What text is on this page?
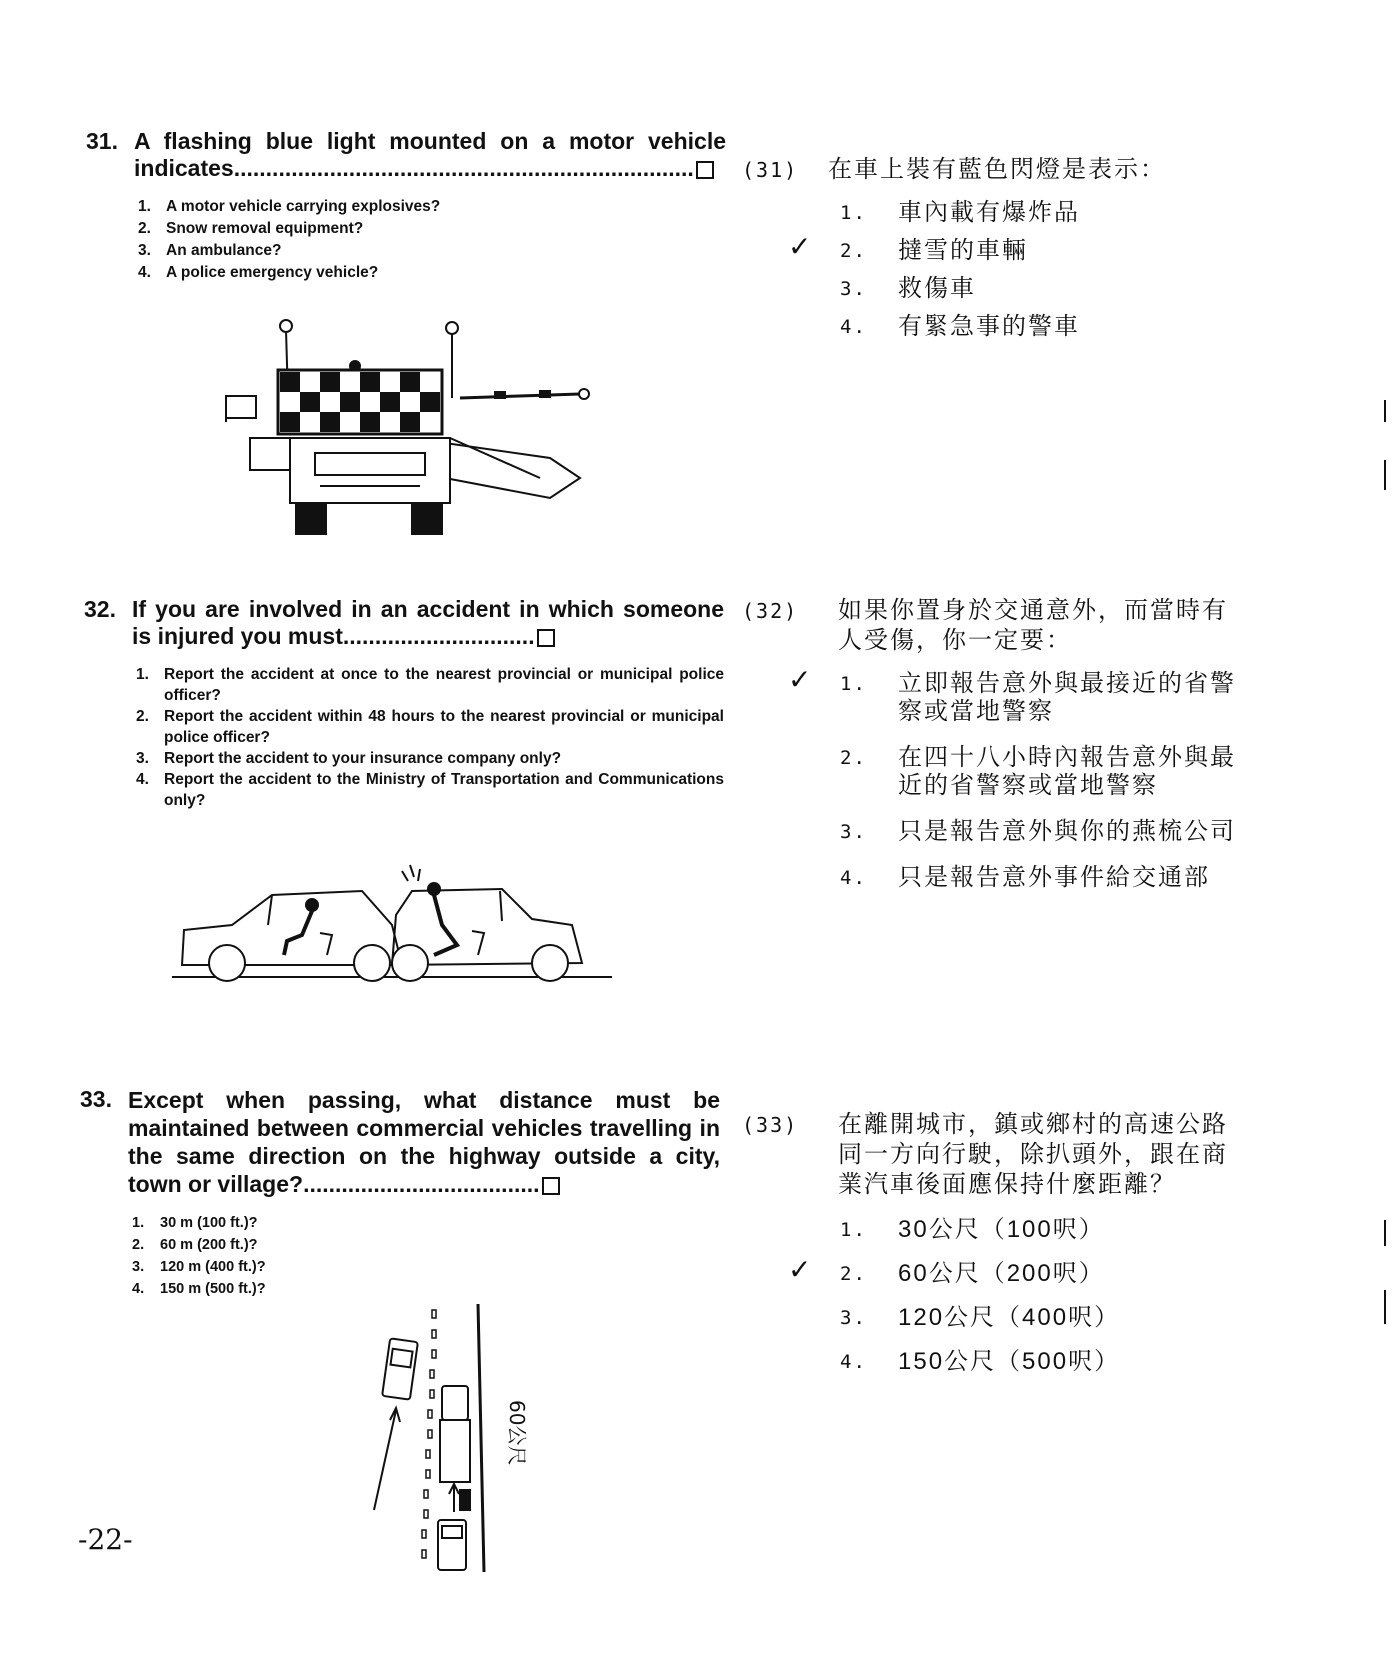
31. A flashing blue light mounted on a motor vehicle indicates........................................................................
1. A motor vehicle carrying explosives?
2. Snow removal equipment?
3. An ambulance?
4. A police emergency vehicle?
(31)	在車上裝有藍色閃燈是表示：
1.	車內載有爆炸品
✓ 2.	撻雪的車輛
3.	救傷車
4.	有緊急事的警車
32. If you are involved in an accident in which someone is injured you must..............................
1. Report the accident at once to the nearest provincial or municipal police officer?
2. Report the accident within 48 hours to the nearest provincial or municipal police officer?
3. Report the accident to your insurance company only?
4. Report the accident to the Ministry of Transportation and Communications only?
(32)	如果你置身於交通意外，而當時有人受傷，你一定要：
✓ 1.	立即報告意外與最接近的省警察或當地警察
2.	在四十八小時內報告意外與最近的省警察或當地警察
3.	只是報告意外與你的燕梳公司
4.	只是報告意外事件給交通部
33. Except when passing, what distance must be maintained between commercial vehicles travelling in the same direction on the highway outside a city, town or village?.....................................
1.	30 m (100 ft.)?
2.	60 m (200 ft.)?
3.	120 m (400 ft.)?
4.	150 m (500 ft.)?
60公尺
(33)	在離開城市，鎮或鄉村的高速公路同一方向行駛，除扒頭外，跟在商業汽車後面應保持什麼距離？
1.	30公尺（100呎）
✓ 2.	60公尺（200呎）
3.	120公尺（400呎）
4.	150公尺（500呎）
-22-
